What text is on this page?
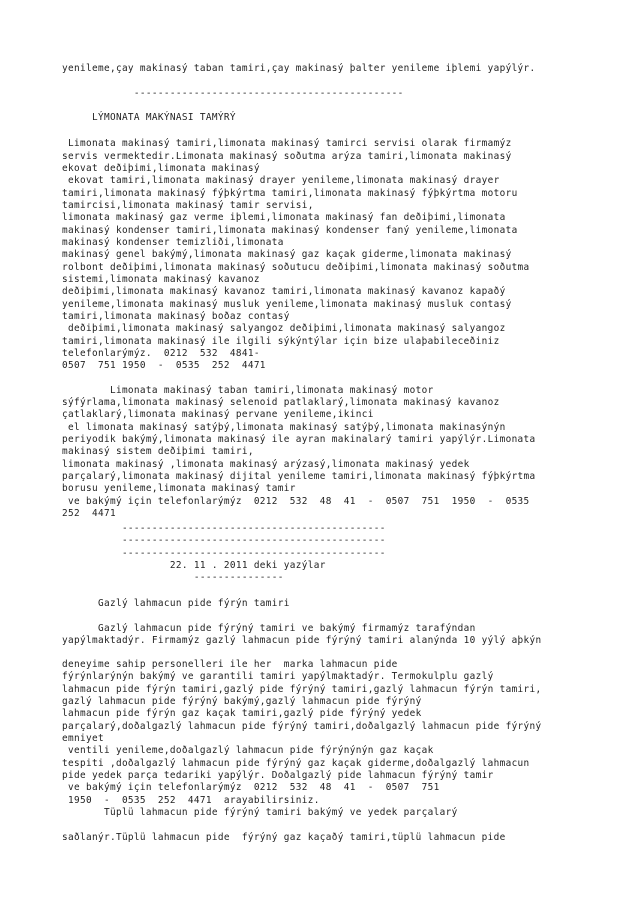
yenileme,çay makinasý taban tamiri,çay makinasý þalter yenileme iþlemi yapýlýr.
---------------------------------------------
LÝMONATA MAKÝNASI TAMÝRÝ
Limonata makinasý tamiri,limonata makinasý tamirci servisi olarak firmamýz
servis vermektedir.Limonata makinasý soðutma arýza tamiri,limonata makinasý
ekovat deðiþimi,limonata makinasý
ekovat tamiri,limonata makinasý drayer yenileme,limonata makinasý drayer
tamiri,limonata makinasý fýþkýrtma tamiri,limonata makinasý fýþkýrtma motoru
tamircisi,limonata makinasý tamir servisi,
limonata makinasý gaz verme iþlemi,limonata makinasý fan deðiþimi,limonata
makinasý kondenser tamiri,limonata makinasý kondenser faný yenileme,limonata
makinasý kondenser temizliði,limonata
makinasý genel bakýmý,limonata makinasý gaz kaçak giderme,limonata makinasý
rolbont deðiþimi,limonata makinasý soðutucu deðiþimi,limonata makinasý soðutma
sistemi,limonata makinasý kavanoz
deðiþimi,limonata makinasý kavanoz tamiri,limonata makinasý kavanoz kapaðý
yenileme,limonata makinasý musluk yenileme,limonata makinasý musluk contasý
tamiri,limonata makinasý boðaz contasý
deðiþimi,limonata makinasý salyangoz deðiþimi,limonata makinasý salyangoz
tamiri,limonata makinasý ile ilgili sýkýntýlar için bize ulaþabileceðiniz
telefonlarýmýz.  0212  532  4841-
0507  751 1950  -  0535  252  4471
Limonata makinasý taban tamiri,limonata makinasý motor
sýfýrlama,limonata makinasý selenoid patlaklarý,limonata makinasý kavanoz
çatlaklarý,limonata makinasý pervane yenileme,ikinci
el limonata makinasý satýþý,limonata makinasý satýþý,limonata makinasýnýn
periyodik bakýmý,limonata makinasý ile ayran makinalarý tamiri yapýlýr.Limonata
makinasý sistem deðiþimi tamiri,
limonata makinasý ,limonata makinasý arýzasý,limonata makinasý yedek
parçalarý,limonata makinasý dijital yenileme tamiri,limonata makinasý fýþkýrtma
borusu yenileme,limonata makinasý tamir
ve bakýmý için telefonlarýmýz  0212  532  48  41  -  0507  751  1950  -  0535
252  4471
--------------------------------------------
--------------------------------------------
--------------------------------------------
22. 11 . 2011 deki yazýlar
---------------
Gazlý lahmacun pide fýrýn tamiri
Gazlý lahmacun pide fýrýný tamiri ve bakýmý firmamýz tarafýndan
yapýlmaktadýr. Firmamýz gazlý lahmacun pide fýrýný tamiri alanýnda 10 yýlý aþkýn
deneyime sahip personelleri ile her  marka lahmacun pide
fýrýnlarýnýn bakýmý ve garantili tamiri yapýlmaktadýr. Termokulplu gazlý
lahmacun pide fýrýn tamiri,gazlý pide fýrýný tamiri,gazlý lahmacun fýrýn tamiri,
gazlý lahmacun pide fýrýný bakýmý,gazlý lahmacun pide fýrýný
lahmacun pide fýrýn gaz kaçak tamiri,gazlý pide fýrýný yedek
parçalarý,doðalgazlý lahmacun pide fýrýný tamiri,doðalgazlý lahmacun pide fýrýný
emniyet
ventili yenileme,doðalgazlý lahmacun pide fýrýnýnýn gaz kaçak
tespiti ,doðalgazlý lahmacun pide fýrýný gaz kaçak giderme,doðalgazlý lahmacun
pide yedek parça tedariki yapýlýr. Doðalgazlý pide lahmacun fýrýný tamir
ve bakýmý için telefonlarýmýz  0212  532  48  41  -  0507  751
1950  -  0535  252  4471  arayabilirsiniz.
Tüplü lahmacun pide fýrýný tamiri bakýmý ve yedek parçalarý
saðlanýr.Tüplü lahmacun pide  fýrýný gaz kaçaðý tamiri,tüplü lahmacun pide
